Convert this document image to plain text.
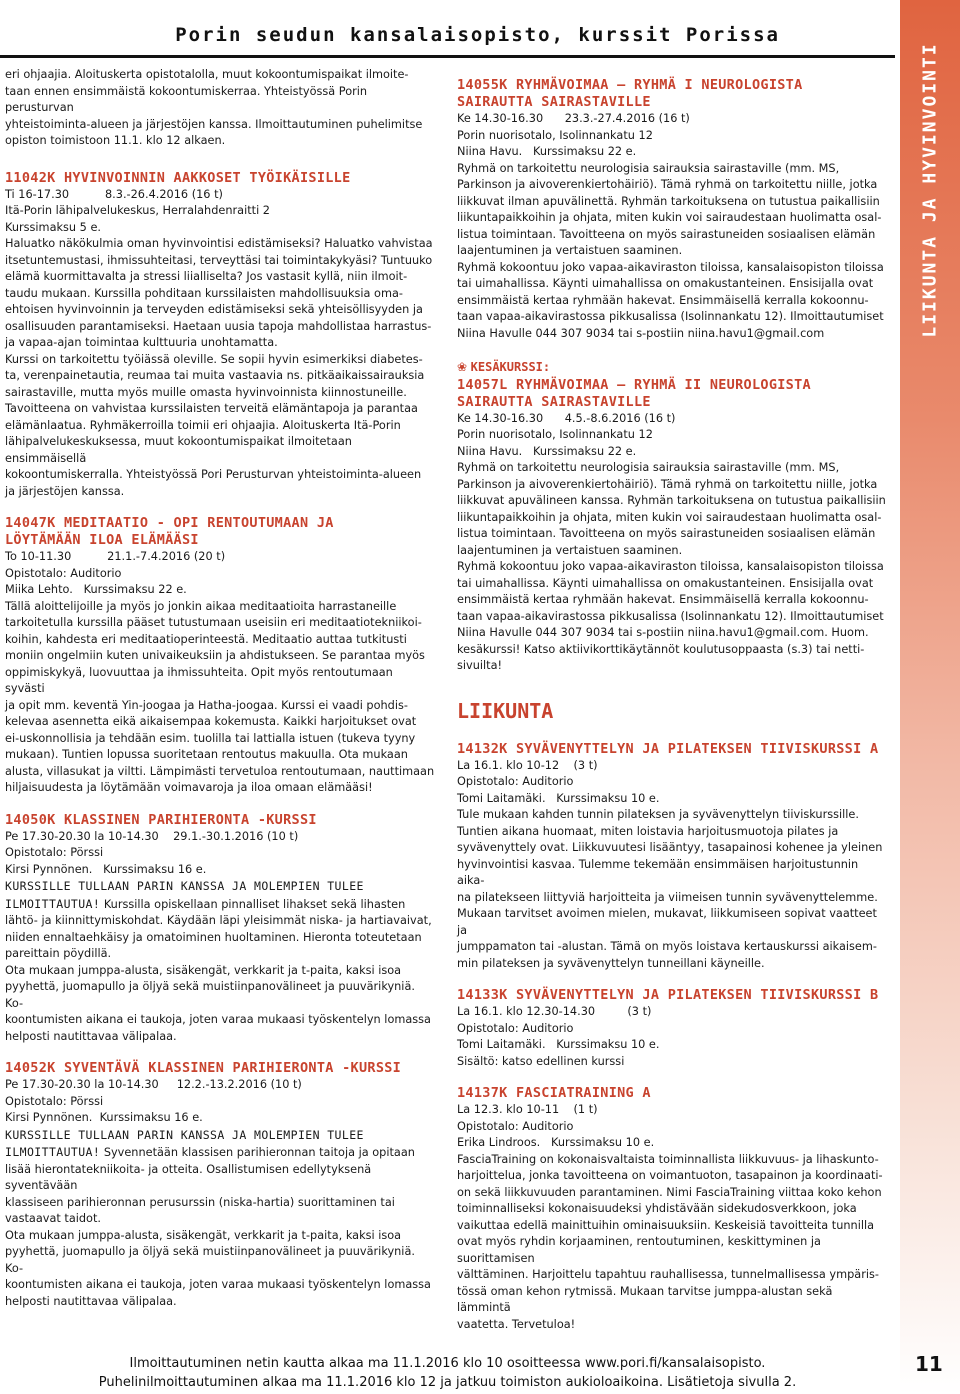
Porin seudun kansalaisopisto, kurssit Porissa
LIIKUNTA JA HYVINVOINTI

eri ohjaajia. Aloituskerta opistotalolla, muut kokoontumispaikat ilmoite-
taan ennen ensimmäistä kokoontumiskerraa. Yhteistyössä Porin perusturvan
yhteistoiminta-alueen ja järjestöjen kanssa. Ilmoittautuminen puhelimitse
opiston toimistoon 11.1. klo 12 alkaen.

11042K HYVINVOINNIN AAKKOSET TYÖIKÄISILLE

Ti 16-17.30          8.3.-26.4.2016 (16 t)
Itä-Porin lähipalvelukeskus, Herralahdenraitti 2
Kurssimaksu 5 e.

Haluatko näkökulmia oman hyvinvointisi edistämiseksi? Haluatko vahvistaa
itsetuntemustasi, ihmissuhteitasi, terveyttäsi tai toimintakykyäsi? Tuntuuko
elämä kuormittavalta ja stressi liialliselta? Jos vastasit kyllä, niin ilmoit-
taudu mukaan. Kurssilla pohditaan kurssilaisten mahdollisuuksia oma-
ehtoisen hyvinvoinnin ja terveyden edistämiseksi sekä yhteisöllisyyden ja
osallisuuden parantamiseksi. Haetaan uusia tapoja mahdollistaa harrastus-
ja vapaa-ajan toimintaa kulttuuria unohtamatta.
Kurssi on tarkoitettu työiässä oleville. Se sopii hyvin esimerkiksi diabetes-
ta, verenpainetautia, reumaa tai muita vastaavia ns. pitkäaikaissairauksia
sairastaville, mutta myös muille omasta hyvinvoinnista kiinnostuneille.
Tavoitteena on vahvistaa kurssilaisten terveitä elämäntapoja ja parantaa
elämänlaatua. Ryhmäkerroilla toimii eri ohjaajia. Aloituskerta Itä-Porin
lähipalvelukeskuksessa, muut kokoontumispaikat ilmoitetaan ensimmäisellä
kokoontumiskerralla. Yhteistyössä Pori Perusturvan yhteistoiminta-alueen
ja järjestöjen kanssa.

14047K MEDITAATIO - OPI RENTOUTUMAAN JA
LÖYTÄMÄÄN ILOA ELÄMÄÄSI

To 10-11.30          21.1.-7.4.2016 (20 t)
Opistotalo: Auditorio
Miika Lehto.   Kurssimaksu 22 e.

Tällä aloittelijoille ja myös jo jonkin aikaa meditaatioita harrastaneille
tarkoitetulla kurssilla pääset tutustumaan useisiin eri meditaatiotekniikoi-
koihin, kahdesta eri meditaatioperinteestä. Meditaatio auttaa tutkitusti
moniin ongelmiin kuten univaikeuksiin ja ahdistukseen. Se parantaa myös
oppimiskykyä, luovuuttaa ja ihmissuhteita. Opit myös rentoutumaan syvästi
ja opit mm. keventä Yin-joogaa ja Hatha-joogaa. Kurssi ei vaadi pohdis-
kelevaa asennetta eikä aikaisempaa kokemusta. Kaikki harjoitukset ovat
ei-uskonnollisia ja tehdään esim. tuolilla tai lattialla istuen (tukeva tyyny
mukaan). Tuntien lopussa suoritetaan rentoutus makuulla. Ota mukaan
alusta, villasukat ja viltti. Lämpimästi tervetuloa rentoutumaan, nauttimaan
hiljaisuudesta ja löytämään voimavaroja ja iloa omaan elämääsi!

14050K KLASSINEN PARIHIERONTA -KURSSI

Pe 17.30-20.30 la 10-14.30    29.1.-30.1.2016 (10 t)
Opistotalo: Pörssi
Kirsi Pynnönen.   Kurssimaksu 16 e.

KURSSILLE TULLAAN PARIN KANSSA JA MOLEMPIEN TULEE
ILMOITTAUTUA! Kurssilla opiskellaan pinnalliset lihakset sekä lihasten
lähtö- ja kiinnittymiskohdat. Käydään läpi yleisimmät niska- ja hartiavaivat,
niiden ennaltaehkäisy ja omatoiminen huoltaminen. Hieronta toteutetaan
pareittain pöydillä.
Ota mukaan jumppa-alusta, sisäkengät, verkkarit ja t-paita, kaksi isoa
pyyhettä, juomapullo ja öljyä sekä muistiinpanovälineet ja puuvärikyniä. Ko-
koontumisten aikana ei taukoja, joten varaa mukaasi työskentelyn lomassa
helposti nautittavaa välipalaa.

14052K SYVENTÄVÄ KLASSINEN PARIHIERONTA -KURSSI

Pe 17.30-20.30 la 10-14.30     12.2.-13.2.2016 (10 t)
Opistotalo: Pörssi
Kirsi Pynnönen.  Kurssimaksu 16 e.

KURSSILLE TULLAAN PARIN KANSSA JA MOLEMPIEN TULEE
ILMOITTAUTUA! Syvennetään klassisen parihieronnan taitoja ja opitaan
lisää hierontatekniikoita- ja otteita. Osallistumisen edellytyksenä syventävään
klassiseen parihieronnan perusurssin (niska-hartia) suorittaminen tai
vastaavat taidot.
Ota mukaan jumppa-alusta, sisäkengät, verkkarit ja t-paita, kaksi isoa
pyyhettä, juomapullo ja öljyä sekä muistiinpanovälineet ja puuvärikyniä. Ko-
koontumisten aikana ei taukoja, joten varaa mukaasi työskentelyn lomassa
helposti nautittavaa välipalaa.

14055K RYHMÄVOIMAA – RYHMÄ I NEUROLOGISTA
SAIRAUTTA SAIRASTAVILLE

Ke 14.30-16.30      23.3.-27.4.2016 (16 t)
Porin nuorisotalo, Isolinnankatu 12
Niina Havu.   Kurssimaksu 22 e.

Ryhmä on tarkoitettu neurologisia sairauksia sairastaville (mm. MS,
Parkinson ja aivoverenkiertohäiriö). Tämä ryhmä on tarkoitettu niille, jotka
liikkuvat ilman apuvälinettä. Ryhmän tarkoituksena on tutustua paikallisiin
liikuntapaikkoihin ja ohjata, miten kukin voi sairaudestaan huolimatta osal-
listua toimintaan. Tavoitteena on myös sairastuneiden sosiaalisen elämän
laajentuminen ja vertaistuen saaminen.
Ryhmä kokoontuu joko vapaa-aikaviraston tiloissa, kansalaisopiston tiloissa
tai uimahallissa. Käynti uimahallissa on omakustanteinen. Ensisijalla ovat
ensimmäistä kertaa ryhmään hakevat. Ensimmäisellä kerralla kokoonnu-
taan vapaa-aikavirastossa pikkusalissa (Isolinnankatu 12). Ilmoittautumiset
Niina Havulle 044 307 9034 tai s-postiin niina.havu1@gmail.com

❀ KESÄKURSSI:

14057L RYHMÄVOIMAA – RYHMÄ II NEUROLOGISTA
SAIRAUTTA SAIRASTAVILLE

Ke 14.30-16.30      4.5.-8.6.2016 (16 t)
Porin nuorisotalo, Isolinnankatu 12
Niina Havu.   Kurssimaksu 22 e.

Ryhmä on tarkoitettu neurologisia sairauksia sairastaville (mm. MS,
Parkinson ja aivoverenkiertohäiriö). Tämä ryhmä on tarkoitettu niille, jotka
liikkuvat apuvälineen kanssa. Ryhmän tarkoituksena on tutustua paikallisiin
liikuntapaikkoihin ja ohjata, miten kukin voi sairaudestaan huolimatta osal-
listua toimintaan. Tavoitteena on myös sairastuneiden sosiaalisen elämän
laajentuminen ja vertaistuen saaminen.
Ryhmä kokoontuu joko vapaa-aikaviraston tiloissa, kansalaisopiston tiloissa
tai uimahallissa. Käynti uimahallissa on omakustanteinen. Ensisijalla ovat
ensimmäistä kertaa ryhmään hakevat. Ensimmäisellä kerralla kokoonnu-
taan vapaa-aikavirastossa pikkusalissa (Isolinnankatu 12). Ilmoittautumiset
Niina Havulle 044 307 9034 tai s-postiin niina.havu1@gmail.com. Huom.
kesäkurssi! Katso aktiivikorttikäytännöt koulutusoppaasta (s.3) tai netti-
sivuilta!

LIIKUNTA

14132K SYVÄVENYTTELYN JA PILATEKSEN TIIVISKURSSI A

La 16.1. klo 10-12    (3 t)
Opistotalo: Auditorio
Tomi Laitamäki.   Kurssimaksu 10 e.

Tule mukaan kahden tunnin pilateksen ja syvävenyttelyn tiiviskurssille.
Tuntien aikana huomaat, miten loistavia harjoitusmuotoja pilates ja
syvävenyttely ovat. Liikkuvuutesi lisääntyy, tasapainosi kohenee ja yleinen
hyvinvointisi kasvaa. Tulemme tekemään ensimmäisen harjoitustunnin aika-
na pilatekseen liittyviä harjoitteita ja viimeisen tunnin syvävenyttelemme.
Mukaan tarvitset avoimen mielen, mukavat, liikkumiseen sopivat vaatteet ja
jumppamaton tai -alustan. Tämä on myös loistava kertauskurssi aikaisem-
min pilateksen ja syvävenyttelyn tunneillani käyneille.

14133K SYVÄVENYTTELYN JA PILATEKSEN TIIVISKURSSI B

La 16.1. klo 12.30-14.30         (3 t)
Opistotalo: Auditorio
Tomi Laitamäki.   Kurssimaksu 10 e.
Sisältö: katso edellinen kurssi

14137K FASCIATRAINING A

La 12.3. klo 10-11    (1 t)
Opistotalo: Auditorio
Erika Lindroos.   Kurssimaksu 10 e.

FasciaTraining on kokonaisvaltaista toiminnallista liikkuvuus- ja lihaskunto-
harjoittelua, jonka tavoitteena on voimantuoton, tasapainon ja koordinaati-
on sekä liikkuvuuden parantaminen. Nimi FasciaTraining viittaa koko kehon
toiminnalliseksi kokonaisuudeksi yhdistävään sidekudosverkkoon, joka
vaikuttaa edellä mainittuihin ominaisuuksiin. Keskeisiä tavoitteita tunnilla
ovat myös ryhdin korjaaminen, rentoutuminen, keskittyminen ja suorittamisen
välttäminen. Harjoittelu tapahtuu rauhallisessa, tunnelmallisessa ympäris-
tössä oman kehon rytmissä. Mukaan tarvitse jumppa-alustan sekä lämmintä
vaatetta. Tervetuloa!

Ilmoittautuminen netin kautta alkaa ma 11.1.2016 klo 10 osoitteessa www.pori.fi/kansalaisopisto.
Puhelinilmoittautuminen alkaa ma 11.1.2016 klo 12 ja jatkuu toimiston aukioloaikoina. Lisätietoja sivulla 2.
11
